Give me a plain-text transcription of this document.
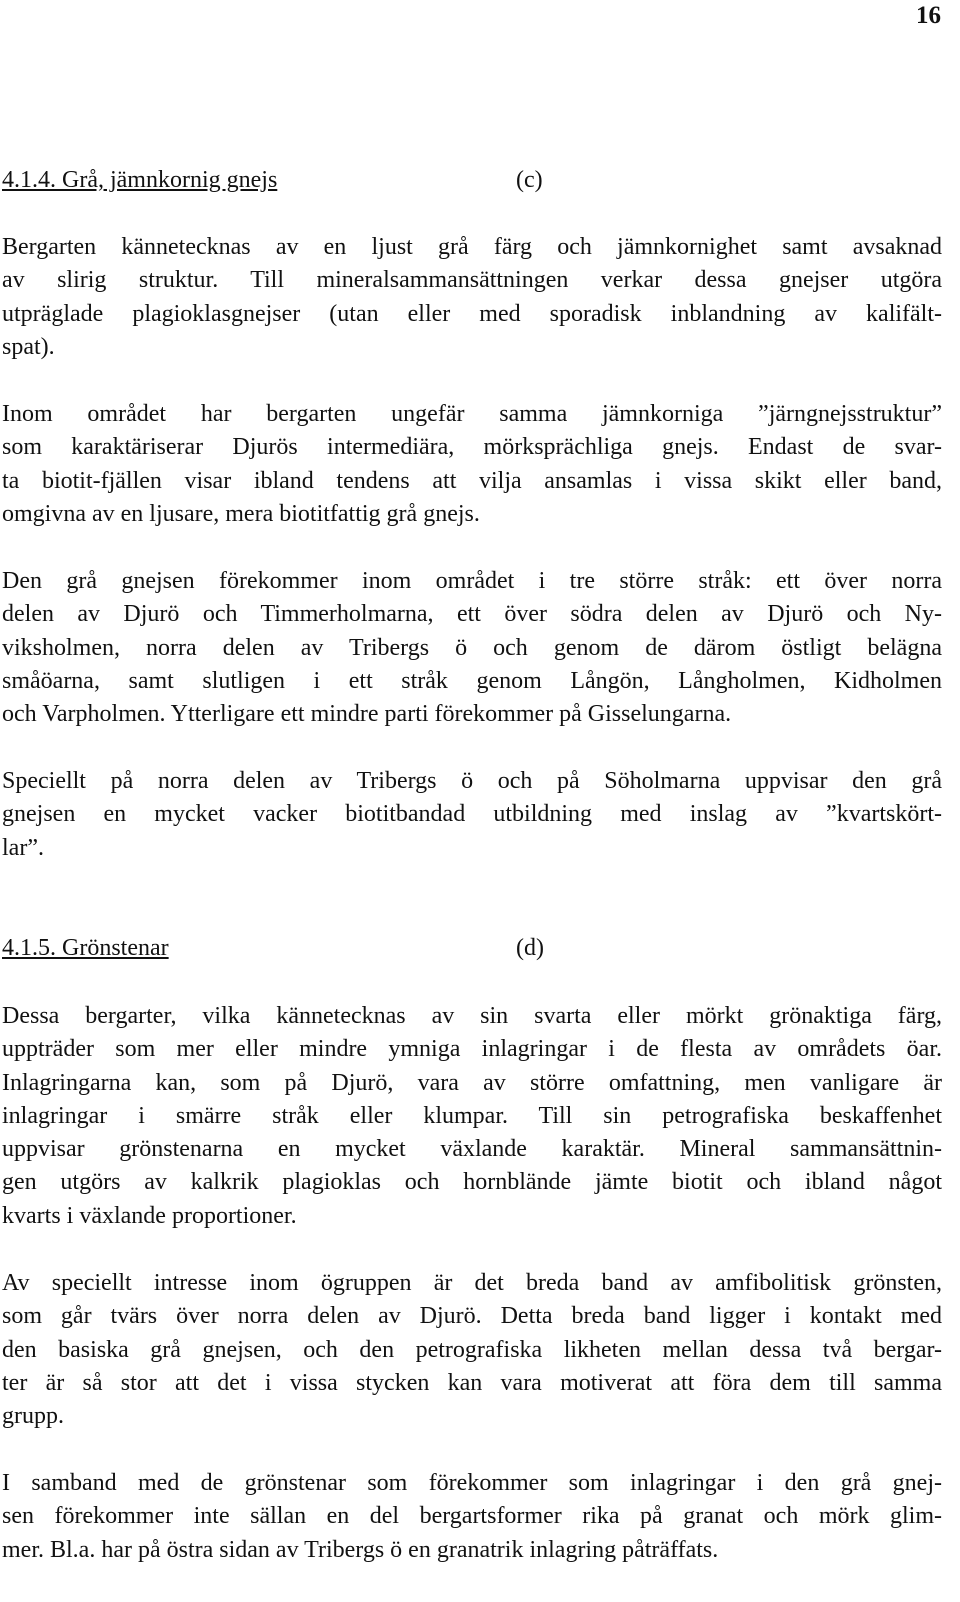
16
4.1.4. Grå, jämnkornig gnejs	(c)

Bergarten kännetecknas av en ljust grå färg och jämnkornighet samt avsaknad
av slirig struktur. Till mineralsammansättningen verkar dessa gnejser utgöra
utpräglade plagioklasgnejser (utan eller med sporadisk inblandning av kalifält-
spat).

Inom området har bergarten ungefär samma jämnkorniga ”järngnejsstruktur”
som karaktäriserar Djurös intermediära, mörksprächliga gnejs. Endast de svar-
ta biotit-fjällen visar ibland tendens att vilja ansamlas i vissa skikt eller band,
omgivna av en ljusare, mera biotitfattig grå gnejs.

Den grå gnejsen förekommer inom området i tre större stråk: ett över norra
delen av Djurö och Timmerholmarna, ett över södra delen av Djurö och Ny-
viksholmen, norra delen av Tribergs ö och genom de därom östligt belägna
småöarna, samt slutligen i ett stråk genom Långön, Långholmen, Kidholmen
och Varpholmen. Ytterligare ett mindre parti förekommer på Gisselungarna.

Speciellt på norra delen av Tribergs ö och på Söholmarna uppvisar den grå
gnejsen en mycket vacker biotitbandad utbildning med inslag av ”kvartskört-
lar”.

4.1.5. Grönstenar	(d)

Dessa bergarter, vilka kännetecknas av sin svarta eller mörkt grönaktiga färg,
uppträder som mer eller mindre ymniga inlagringar i de flesta av områdets öar.
Inlagringarna kan, som på Djurö, vara av större omfattning, men vanligare är
inlagringar i smärre stråk eller klumpar. Till sin petrografiska beskaffenhet
uppvisar grönstenarna en mycket växlande karaktär. Mineral sammansättnin-
gen utgörs av kalkrik plagioklas och hornblände jämte biotit och ibland något
kvarts i växlande proportioner.

Av speciellt intresse inom ögruppen är det breda band av amfibolitisk grönsten,
som går tvärs över norra delen av Djurö. Detta breda band ligger i kontakt med
den basiska grå gnejsen, och den petrografiska likheten mellan dessa två bergar-
ter är så stor att det i vissa stycken kan vara motiverat att föra dem till samma
grupp.

I samband med de grönstenar som förekommer som inlagringar i den grå gnej-
sen förekommer inte sällan en del bergartsformer rika på granat och mörk glim-
mer. Bl.a. har på östra sidan av Tribergs ö en granatrik inlagring påträffats.
